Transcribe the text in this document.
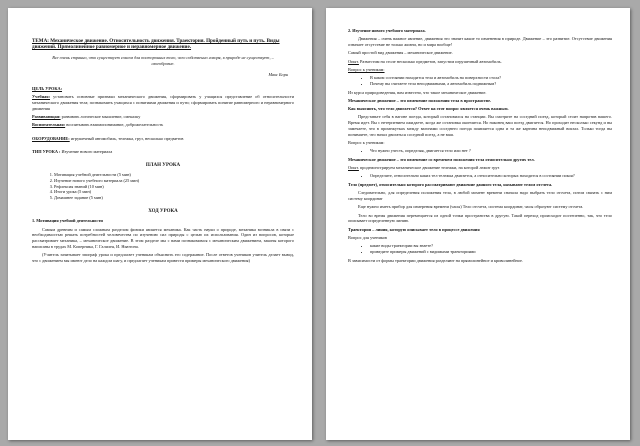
ТЕМА: Механическое движение. Относительность движения. Траектория. Пройденный путь и путь. Виды движений. Прямолинейное равномерное и неравномерное движение.

Все очень странно, что существует совсем для посторонних того, чего собственно говоря, в природе не существует, – своеобразие.

Макс Борн

ЦЕЛЬ УРОКА:

Учебная: установить основные признаки механического движения, сформировать у учащихся представление об относительности механического движения тела; познакомить учащихся с понятиями движения и пути; сформировать понятие равномерного и неравномерного движения

Развивающая: развивать логическое мышление, смекалку

Воспитательная: воспитывать взаимопонимание, доброжелательность

ОБОРУДОВАНИЕ: игрушечный автомобиль, тележка, груз, несколько предметов

ТИП УРОКА : Изучение нового материала

ПЛАН УРОКА

1. Мотивация учебной деятельности (5 мин)
2. Изучение нового учебного материала (25 мин)
3. Рефлексия знаний (10 мин)
4. Итоги урока (5 мин)
5. Домашнее задание (5 мин)

ХОД УРОКА

1. Мотивация учебной деятельности

Самым древним и самым сложным разделом физики является механика. Как часть науки о природе, механика возникла в связи с необходимостью решать потребностей человечества по изучению сил природы с целью их использования. Один из вопросов, которые рассматривает механика, – механическое движение. В этом разделе мы с вами познакомимся с механическим движением, законы которого написаны в трудах М. Коперника, Г. Галилея, И. Ньютона.

(Учитель зачитывает эпиграф урока и предлагает ученикам объяснить его содержание. После ответов учеников учитель делает вывод, что с движением мы имеют дело на каждом шагу, и предлагает ученикам привести примеры механического движения)

2. Изучение нового учебного материала.

Движения – очень важное явление, движения это значит какие то изменения в природе. Движение – это развитие. Отсутствие движения означает отсутствие не только жизни, но и мира вообще!

Самый простой вид движения – механическое движение.

Опыт. Разместим на столе несколько предметов, запустим игрушечный автомобиль.

Вопрос к ученикам:

• В каком состоянии находится тела и автомобиль на поверхности стола?
• Почему вы считаете тела неподвижными, а автомобиль подвижным?

Из курса природоведения, вам известно, что такое механическое движение.

Механическое движение – это изменение положения тела в пространстве.

Как выяснить, что тело двигается? Ответ на этот вопрос является очень важным.

Представьте себя в вагоне поезда, который остановился на станции. Вы смотрите на соседний поезд, который стоит напротив вашего. Время идет. Вы с нетерпением ожидаете, когда же остановка окончится. Но наконец ваш поезд двигается. Но проходит несколько секунд и вы замечаете, что в промежутках между вагонами соседнего поезда появляется одна и та же картина неподвижный вокзал. Только тогда вы понимаете, что начал двигаться соседний поезд, а не ваш.

Вопрос к ученикам:

• Что нужно учесть, определяя, двигается тело или нет ?

Механическое движение – это изменение со временем положения тела относительно других тел.

Опыт. продемонстрируем механическое движение тележки, на которой лежит груз

• Определите, относительно каких тел тележка двигается, а относительно которых находится в состоянии покоя?

Тело (предмет), относительно которого рассматривают движение данного тела, называют телом отсчета.

Следовательно, для определения положения тела, в любой момент времени сначала надо выбрать тело отсчета, потом связать с ним систему координат

Еще нужно иметь прибор для измерения времени (часы) Тело отсчета, система координат, часы образуют систему отсчета.

Тело во время движения перемещается из одной точки пространства в другую. Такой переход происходит постепенно, так, что тело описывает определенную линию.

Траектория – линия, которую описывает тело в процессе движения

Вопрос для учеников

• какие виды траектории вы знаете?
• приведите примеры движений с видимыми траекториями

В зависимости от формы траектории движения разделяют на прямолинейное и криволинейное.
